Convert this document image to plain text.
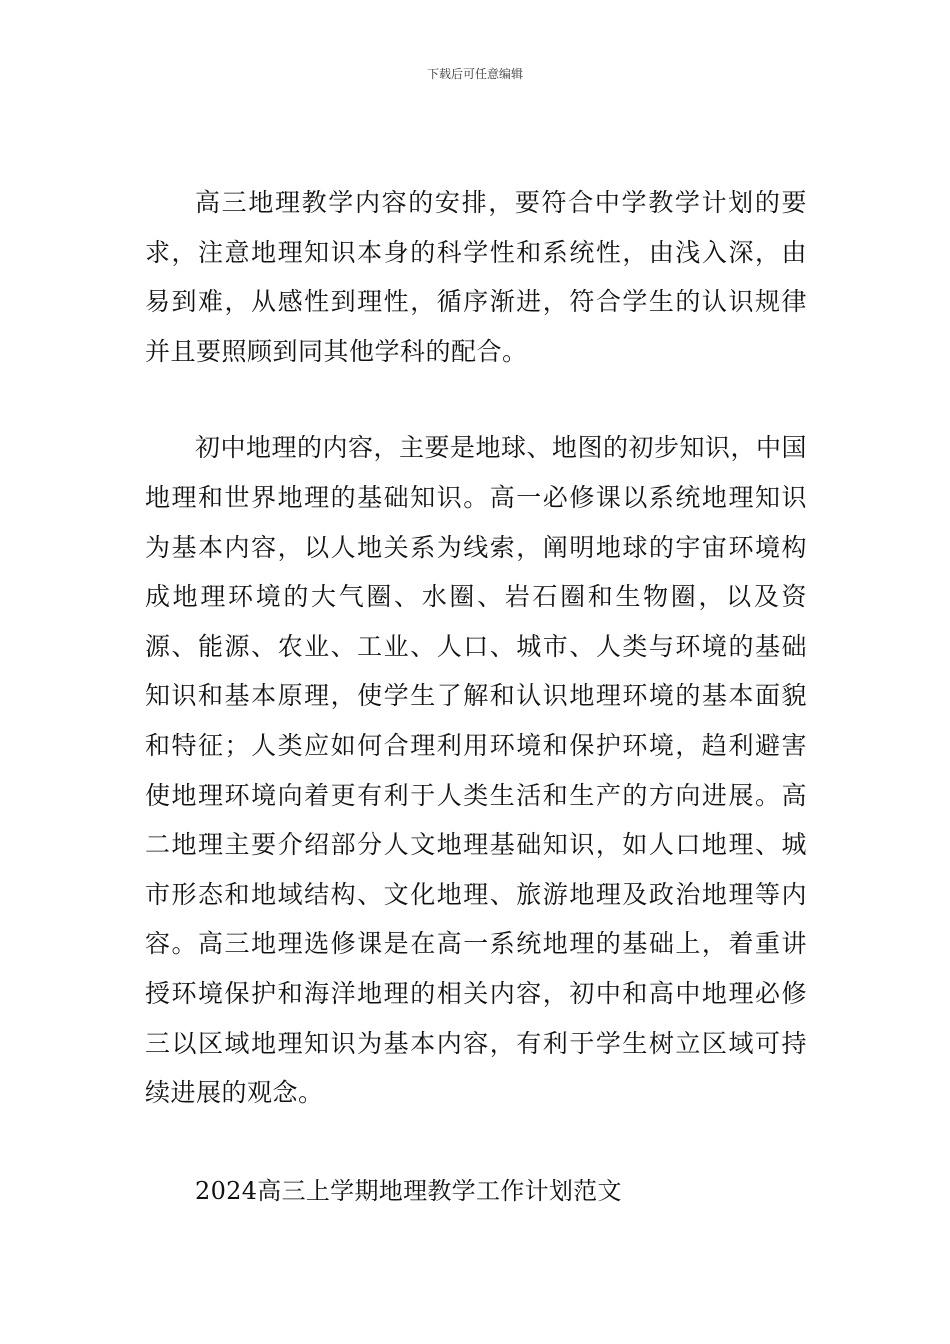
下载后可任意编辑

高三地理教学内容的安排，要符合中学教学计划的要求，注意地理知识本身的科学性和系统性，由浅入深，由易到难，从感性到理性，循序渐进，符合学生的认识规律并且要照顾到同其他学科的配合。

初中地理的内容，主要是地球、地图的初步知识，中国地理和世界地理的基础知识。高一必修课以系统地理知识为基本内容，以人地关系为线索，阐明地球的宇宙环境构成地理环境的大气圈、水圈、岩石圈和生物圈，以及资源、能源、农业、工业、人口、城市、人类与环境的基础知识和基本原理，使学生了解和认识地理环境的基本面貌和特征；人类应如何合理利用环境和保护环境，趋利避害使地理环境向着更有利于人类生活和生产的方向进展。高二地理主要介绍部分人文地理基础知识，如人口地理、城市形态和地域结构、文化地理、旅游地理及政治地理等内容。高三地理选修课是在高一系统地理的基础上，着重讲授环境保护和海洋地理的相关内容，初中和高中地理必修三以区域地理知识为基本内容，有利于学生树立区域可持续进展的观念。

2024高三上学期地理教学工作计划范文
